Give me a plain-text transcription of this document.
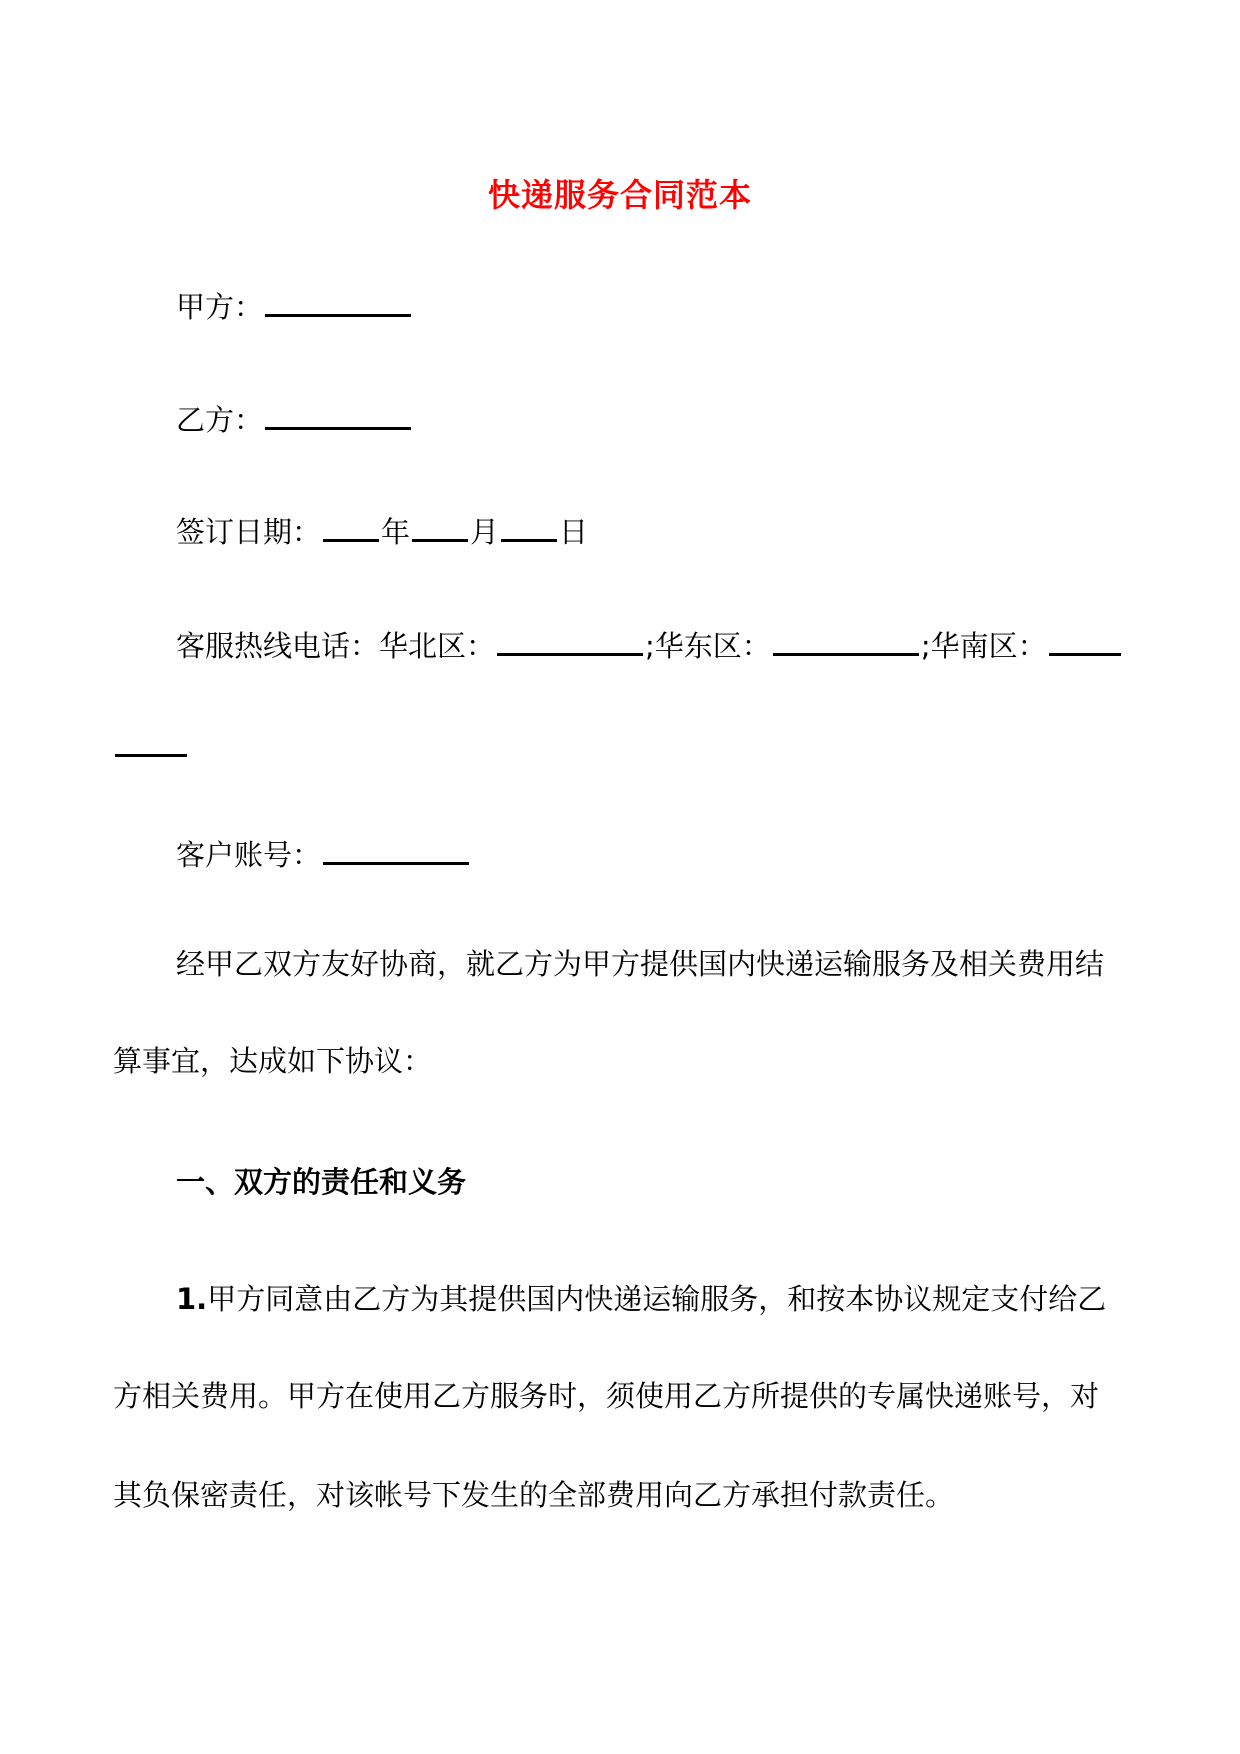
快递服务合同范本
甲方：
乙方：
签订日期： 年 月 日
客服热线电话：华北区：	;华东区：	;华南区：
客户账号：
经甲乙双方友好协商，就乙方为甲方提供国内快递运输服务及相关费用结
算事宜，达成如下协议：
一、双方的责任和义务
1.甲方同意由乙方为其提供国内快递运输服务，和按本协议规定支付给乙
方相关费用。甲方在使用乙方服务时，须使用乙方所提供的专属快递账号，对
其负保密责任，对该帐号下发生的全部费用向乙方承担付款责任。
